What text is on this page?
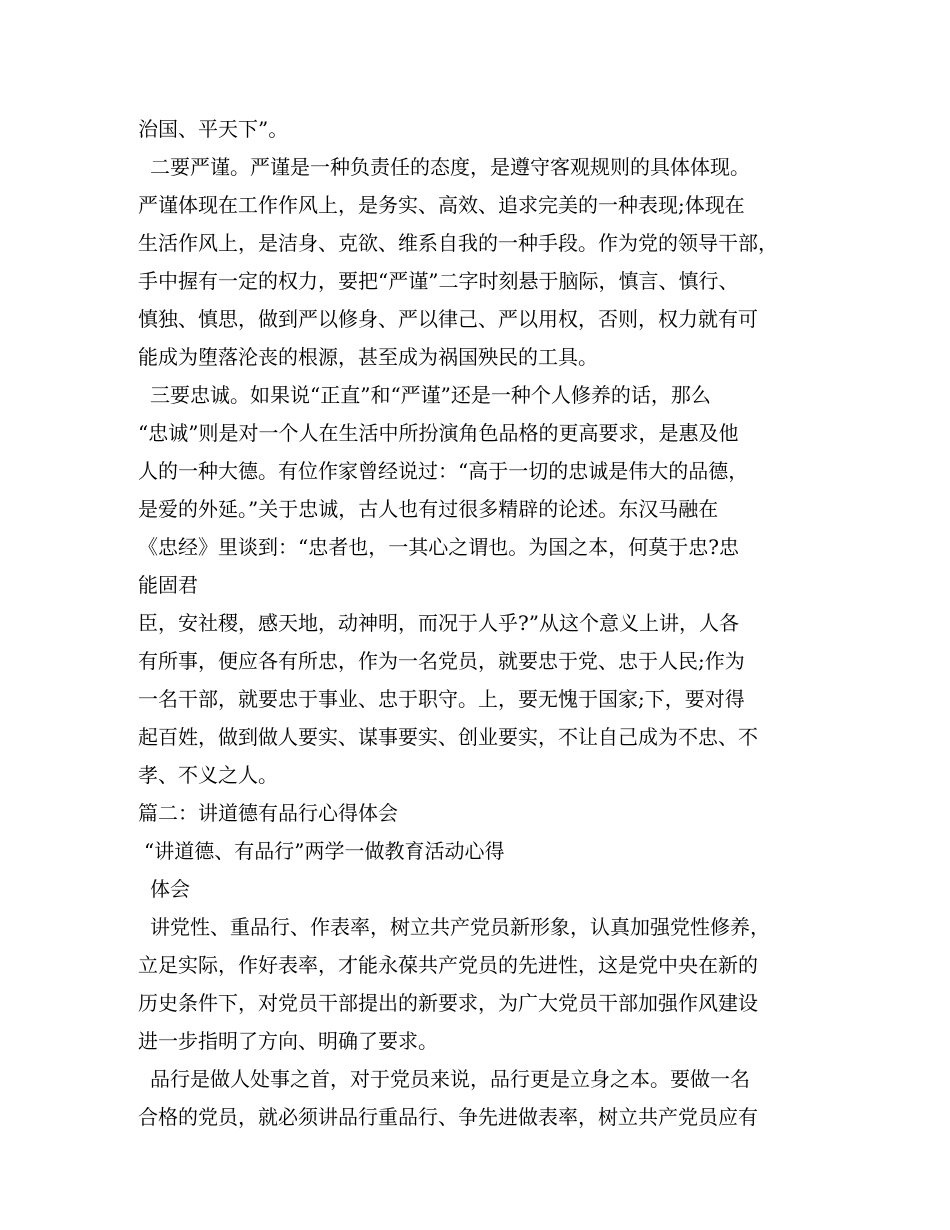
治国、平天下”。
二要严谨。严谨是一种负责任的态度，是遵守客观规则的具体体现。
严谨体现在工作作风上，是务实、高效、追求完美的一种表现;体现在
生活作风上，是洁身、克欲、维系自我的一种手段。作为党的领导干部，
手中握有一定的权力，要把“严谨”二字时刻悬于脑际，慎言、慎行、
慎独、慎思，做到严以修身、严以律己、严以用权，否则，权力就有可
能成为堕落沦丧的根源，甚至成为祸国殃民的工具。
三要忠诚。如果说“正直”和“严谨”还是一种个人修养的话，那么
“忠诚”则是对一个人在生活中所扮演角色品格的更高要求，是惠及他
人的一种大德。有位作家曾经说过：“高于一切的忠诚是伟大的品德，
是爱的外延。”关于忠诚，古人也有过很多精辟的论述。东汉马融在
《忠经》里谈到：“忠者也，一其心之谓也。为国之本，何莫于忠?忠
能固君
臣，安社稷，感天地，动神明，而况于人乎?”从这个意义上讲，人各
有所事，便应各有所忠，作为一名党员，就要忠于党、忠于人民;作为
一名干部，就要忠于事业、忠于职守。上，要无愧于国家;下，要对得
起百姓，做到做人要实、谋事要实、创业要实，不让自己成为不忠、不
孝、不义之人。
篇二：讲道德有品行心得体会
“讲道德、有品行”两学一做教育活动心得
体会
讲党性、重品行、作表率，树立共产党员新形象，认真加强党性修养，
立足实际，作好表率，才能永葆共产党员的先进性，这是党中央在新的
历史条件下，对党员干部提出的新要求，为广大党员干部加强作风建设
进一步指明了方向、明确了要求。
品行是做人处事之首，对于党员来说，品行更是立身之本。要做一名
合格的党员，就必须讲品行重品行、争先进做表率，树立共产党员应有
